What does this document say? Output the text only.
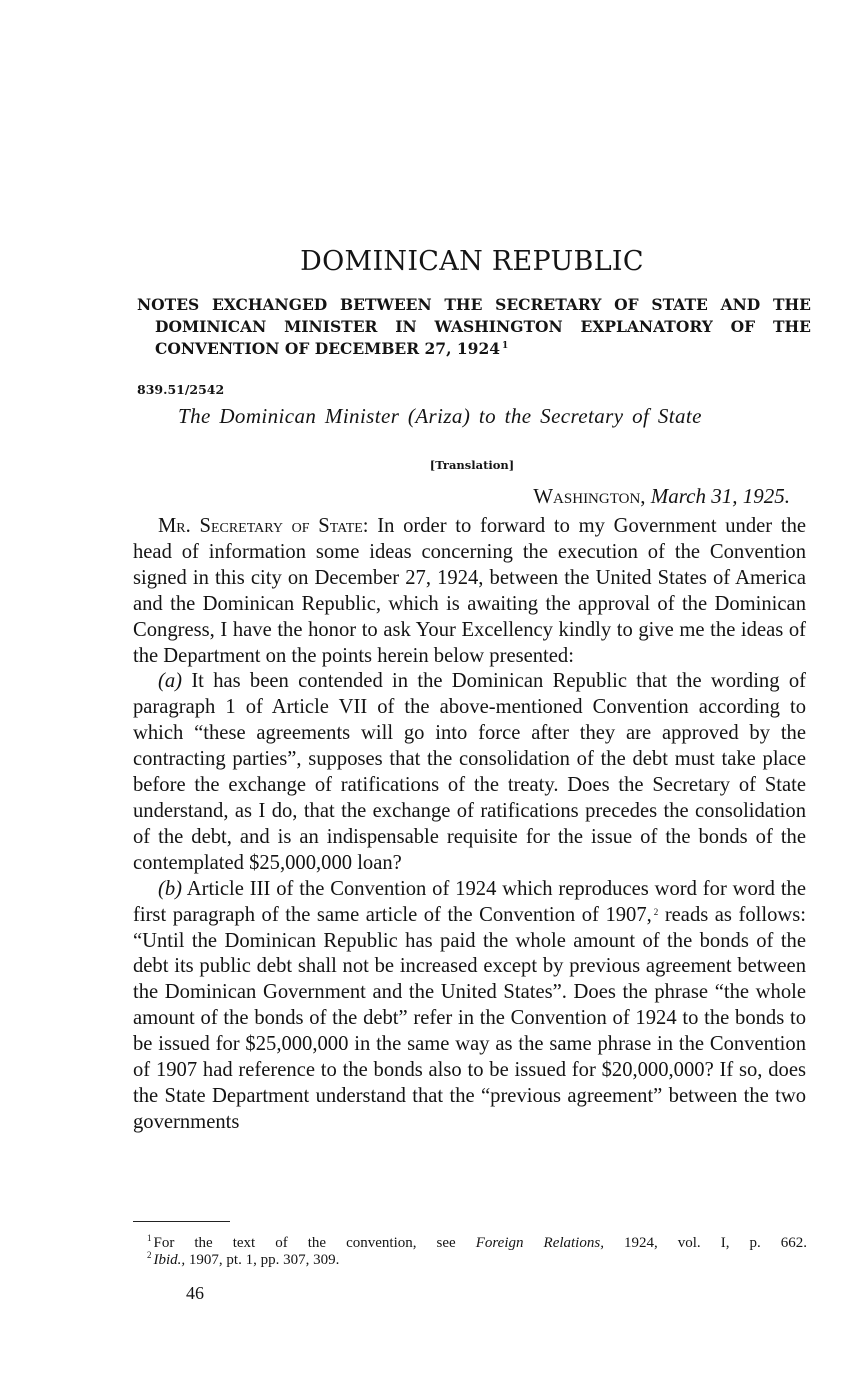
DOMINICAN REPUBLIC
NOTES EXCHANGED BETWEEN THE SECRETARY OF STATE AND THE
DOMINICAN MINISTER IN WASHINGTON EXPLANATORY OF THE
CONVENTION OF DECEMBER 27, 1924 $^1$
839.51/2542
The Dominican Minister (Ariza) to the Secretary of State
[Translation]
Washington, March 31, 1925.

Mr. Secretary of State: In order to forward to my Government under the head of information some ideas concerning the execution of the Convention signed in this city on December 27, 1924, between the United States of America and the Dominican Republic, which is awaiting the approval of the Dominican Congress, I have the honor to ask Your Excellency kindly to give me the ideas of the Department on the points herein below presented:

(a) It has been contended in the Dominican Republic that the wording of paragraph 1 of Article VII of the above-mentioned Convention according to which “these agreements will go into force after they are approved by the contracting parties”, supposes that the consolidation of the debt must take place before the exchange of ratifications of the treaty. Does the Secretary of State understand, as I do, that the exchange of ratifications precedes the consolidation of the debt, and is an indispensable requisite for the issue of the bonds of the contemplated $25,000,000 loan?

(b) Article III of the Convention of 1924 which reproduces word for word the first paragraph of the same article of the Convention of 1907, $^2$ reads as follows: “Until the Dominican Republic has paid the whole amount of the bonds of the debt its public debt shall not be increased except by previous agreement between the Dominican Government and the United States”. Does the phrase “the whole amount of the bonds of the debt” refer in the Convention of 1924 to the bonds to be issued for $25,000,000 in the same way as the same phrase in the Convention of 1907 had reference to the bonds also to be issued for $20,000,000? If so, does the State Department understand that the “previous agreement” between the two governments

$^1$ For the text of the convention, see Foreign Relations, 1924, vol. I, p. 662.
$^2$ Ibid., 1907, pt. 1, pp. 307, 309.
46
